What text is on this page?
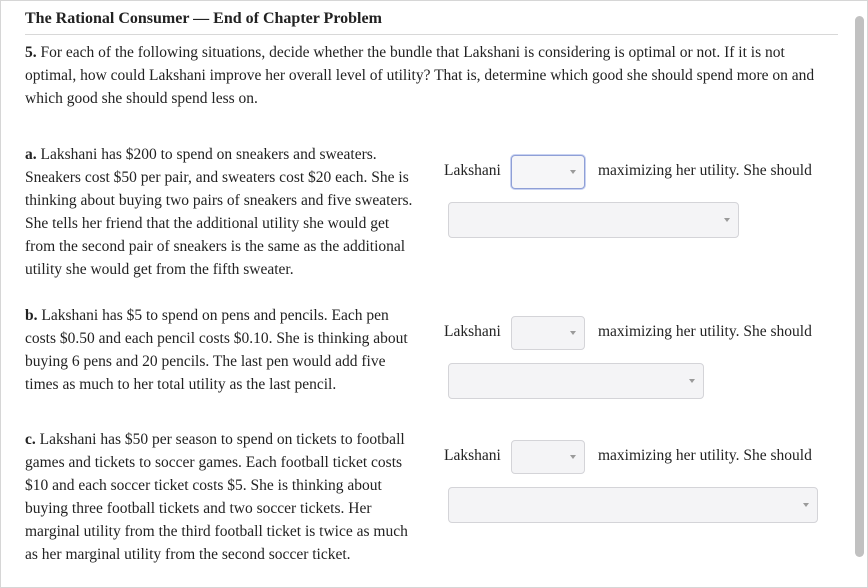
The Rational Consumer — End of Chapter Problem
5. For each of the following situations, decide whether the bundle that Lakshani is considering is optimal or not. If it is not optimal, how could Lakshani improve her overall level of utility? That is, determine which good she should spend more on and which good she should spend less on.
a. Lakshani has $200 to spend on sneakers and sweaters. Sneakers cost $50 per pair, and sweaters cost $20 each. She is thinking about buying two pairs of sneakers and five sweaters. She tells her friend that the additional utility she would get from the second pair of sneakers is the same as the additional utility she would get from the fifth sweater.
Lakshani	maximizing her utility. She should
b. Lakshani has $5 to spend on pens and pencils. Each pen costs $0.50 and each pencil costs $0.10. She is thinking about buying 6 pens and 20 pencils. The last pen would add five times as much to her total utility as the last pencil.
Lakshani	maximizing her utility. She should
c. Lakshani has $50 per season to spend on tickets to football games and tickets to soccer games. Each football ticket costs $10 and each soccer ticket costs $5. She is thinking about buying three football tickets and two soccer tickets. Her marginal utility from the third football ticket is twice as much as her marginal utility from the second soccer ticket.
Lakshani	maximizing her utility. She should
